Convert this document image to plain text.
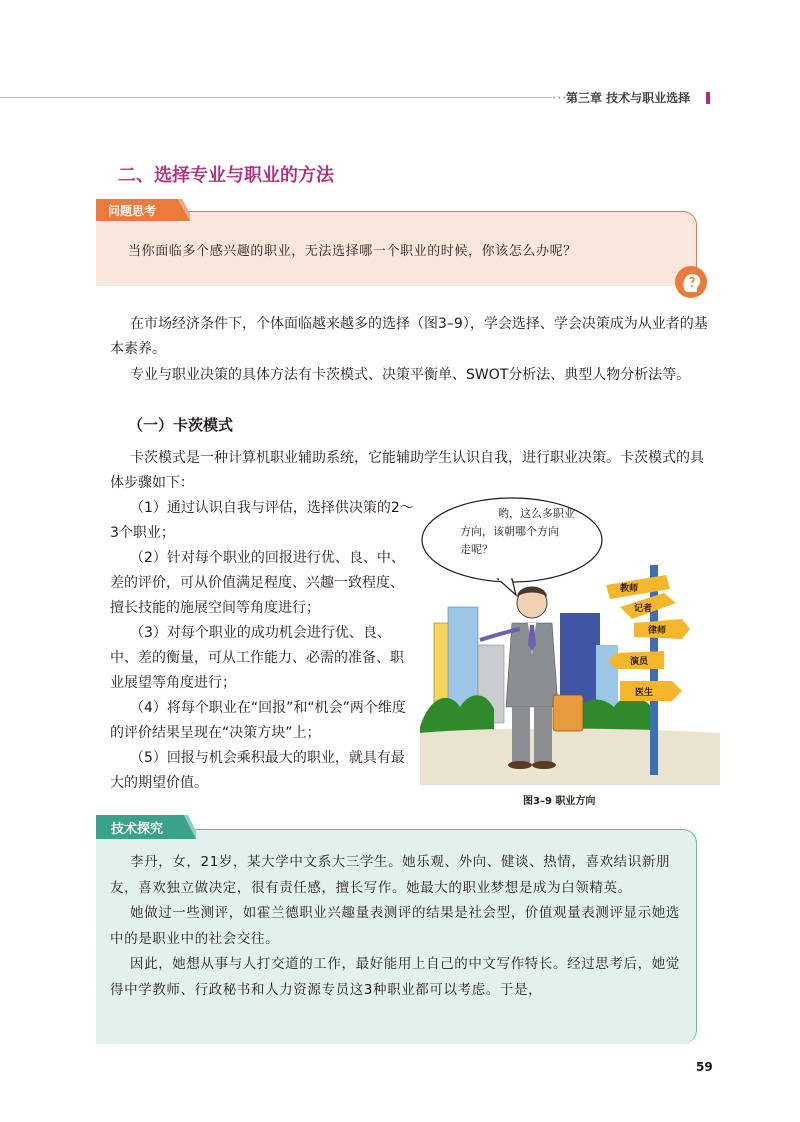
•••
第三章 技术与职业选择
二、选择专业与职业的方法
问题思考
当你面临多个感兴趣的职业，无法选择哪一个职业的时候，你该怎么办呢？
在市场经济条件下，个体面临越来越多的选择（图3–9），学会选择、学会决策成为从业者的基本素养。
专业与职业决策的具体方法有卡茨模式、决策平衡单、SWOT分析法、典型人物分析法等。
（一）卡茨模式
卡茨模式是一种计算机职业辅助系统，它能辅助学生认识自我，进行职业决策。卡茨模式的具体步骤如下：
（1）通过认识自我与评估，选择供决策的2～3个职业；
（2）针对每个职业的回报进行优、良、中、差的评价，可从价值满足程度、兴趣一致程度、擅长技能的施展空间等角度进行；
（3）对每个职业的成功机会进行优、良、中、差的衡量，可从工作能力、必需的准备、职业展望等角度进行；
（4）将每个职业在“回报”和“机会”两个维度的评价结果呈现在“决策方块”上；
（5）回报与机会乘积最大的职业，就具有最大的期望价值。
哟，这么多职业
方向，该朝哪个方向
走呢？
教师
记者
律师
演员
医生
图3–9 职业方向
技术探究
李丹，女，21岁，某大学中文系大三学生。她乐观、外向、健谈、热情，喜欢结识新朋友，喜欢独立做决定，很有责任感，擅长写作。她最大的职业梦想是成为白领精英。
她做过一些测评，如霍兰德职业兴趣量表测评的结果是社会型，价值观量表测评显示她选中的是职业中的社会交往。
因此，她想从事与人打交道的工作，最好能用上自己的中文写作特长。经过思考后，她觉得中学教师、行政秘书和人力资源专员这3种职业都可以考虑。于是，
59
